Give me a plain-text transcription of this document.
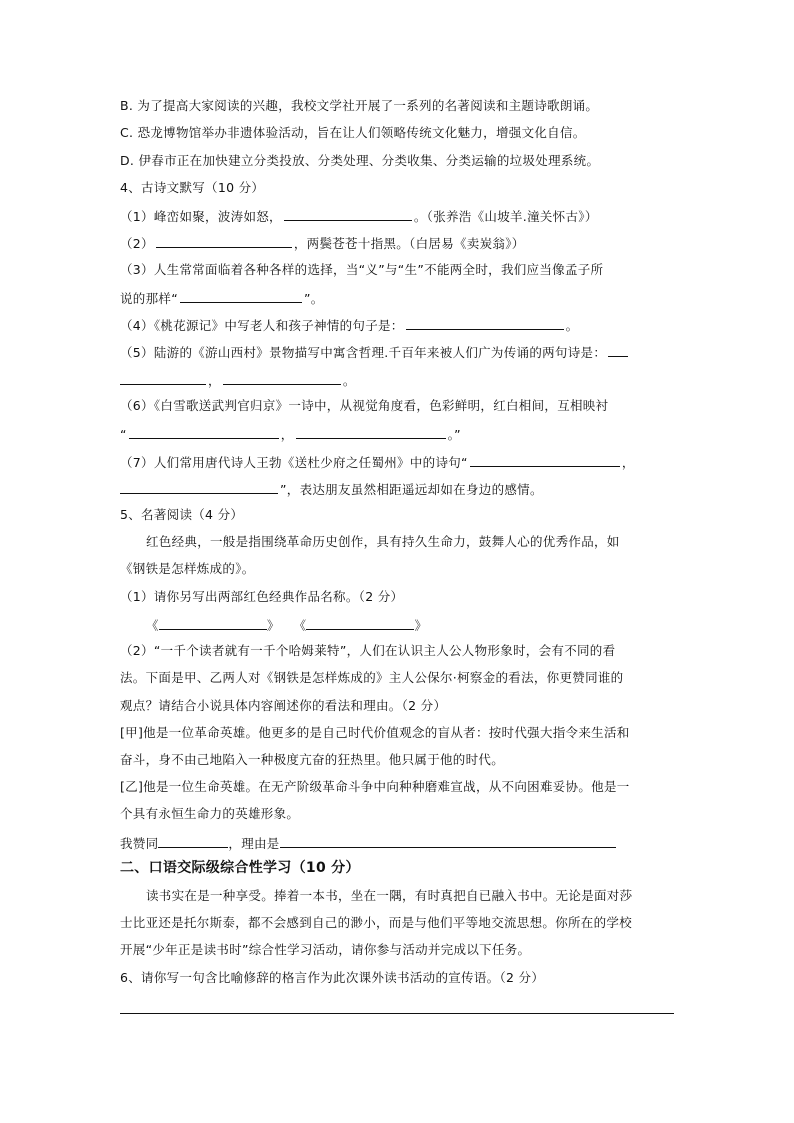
B. 为了提高大家阅读的兴趣，我校文学社开展了一系列的名著阅读和主题诗歌朗诵。
C. 恐龙博物馆举办非遗体验活动，旨在让人们领略传统文化魅力，增强文化自信。
D. 伊春市正在加快建立分类投放、分类处理、分类收集、分类运输的垃圾处理系统。
4、古诗文默写（10 分）
（1）峰峦如聚，波涛如怒，	。（张养浩《山坡羊.潼关怀古》）
（2）	，两鬓苍苍十指黑。（白居易《卖炭翁》）
（3）人生常常面临着各种各样的选择，当“义”与“生”不能两全时，我们应当像孟子所
说的那样“	”。
（4）《桃花源记》中写老人和孩子神情的句子是：	。
（5）陆游的《游山西村》景物描写中寓含哲理.千百年来被人们广为传诵的两句诗是：
，	。
（6）《白雪歌送武判官归京》一诗中，从视觉角度看，色彩鲜明，红白相间，互相映衬
“	，	。”
（7）人们常用唐代诗人王勃《送杜少府之任蜀州》中的诗句“	，
”，表达朋友虽然相距遥远却如在身边的感情。
5、名著阅读（4 分）
红色经典，一般是指围绕革命历史创作，具有持久生命力，鼓舞人心的优秀作品，如
《钢铁是怎样炼成的》。
（1）请你另写出两部红色经典作品名称。（2 分）
《	》 《	》
（2）“一千个读者就有一千个哈姆莱特”，人们在认识主人公人物形象时，会有不同的看
法。下面是甲、乙两人对《钢铁是怎样炼成的》主人公保尔·柯察金的看法，你更赞同谁的
观点？请结合小说具体内容阐述你的看法和理由。（2 分）
[甲]他是一位革命英雄。他更多的是自己时代价值观念的盲从者：按时代强大指令来生活和
奋斗，身不由己地陷入一种极度亢奋的狂热里。他只属于他的时代。
[乙]他是一位生命英雄。在无产阶级革命斗争中向种种磨难宣战，从不向困难妥协。他是一
个具有永恒生命力的英雄形象。
我赞同	，理由是
二、口语交际级综合性学习（10 分）
读书实在是一种享受。捧着一本书，坐在一隅，有时真把自已融入书中。无论是面对莎
士比亚还是托尔斯泰，都不会感到自己的渺小，而是与他们平等地交流思想。你所在的学校
开展“少年正是读书时”综合性学习活动，请你参与活动并完成以下任务。
6、请你写一句含比喻修辞的格言作为此次课外读书活动的宣传语。（2 分）
